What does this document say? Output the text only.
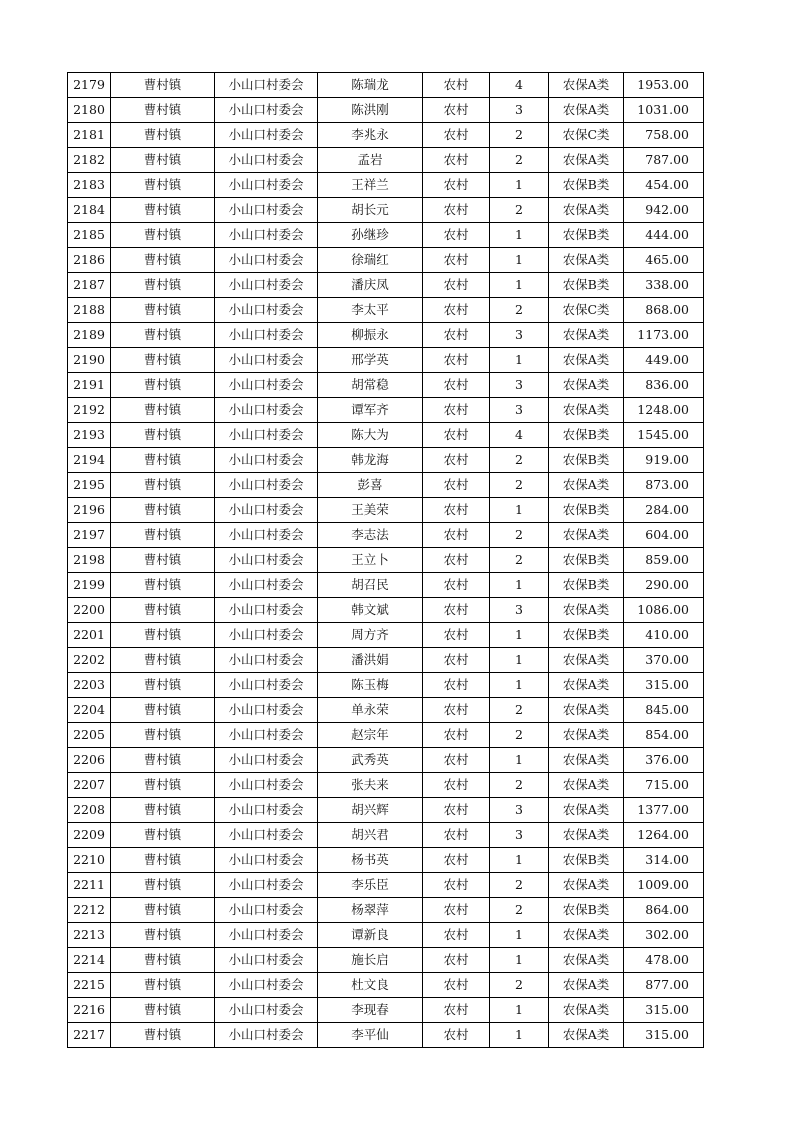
2179	曹村镇	小山口村委会	陈瑞龙	农村	4	农保A类	1953.00
2180	曹村镇	小山口村委会	陈洪刚	农村	3	农保A类	1031.00
2181	曹村镇	小山口村委会	李兆永	农村	2	农保C类	758.00
2182	曹村镇	小山口村委会	孟岩	农村	2	农保A类	787.00
2183	曹村镇	小山口村委会	王祥兰	农村	1	农保B类	454.00
2184	曹村镇	小山口村委会	胡长元	农村	2	农保A类	942.00
2185	曹村镇	小山口村委会	孙继珍	农村	1	农保B类	444.00
2186	曹村镇	小山口村委会	徐瑞红	农村	1	农保A类	465.00
2187	曹村镇	小山口村委会	潘庆凤	农村	1	农保B类	338.00
2188	曹村镇	小山口村委会	李太平	农村	2	农保C类	868.00
2189	曹村镇	小山口村委会	柳振永	农村	3	农保A类	1173.00
2190	曹村镇	小山口村委会	邢学英	农村	1	农保A类	449.00
2191	曹村镇	小山口村委会	胡常稳	农村	3	农保A类	836.00
2192	曹村镇	小山口村委会	谭军齐	农村	3	农保A类	1248.00
2193	曹村镇	小山口村委会	陈大为	农村	4	农保B类	1545.00
2194	曹村镇	小山口村委会	韩龙海	农村	2	农保B类	919.00
2195	曹村镇	小山口村委会	彭喜	农村	2	农保A类	873.00
2196	曹村镇	小山口村委会	王美荣	农村	1	农保B类	284.00
2197	曹村镇	小山口村委会	李志法	农村	2	农保A类	604.00
2198	曹村镇	小山口村委会	王立卜	农村	2	农保B类	859.00
2199	曹村镇	小山口村委会	胡召民	农村	1	农保B类	290.00
2200	曹村镇	小山口村委会	韩文斌	农村	3	农保A类	1086.00
2201	曹村镇	小山口村委会	周方齐	农村	1	农保B类	410.00
2202	曹村镇	小山口村委会	潘洪娟	农村	1	农保A类	370.00
2203	曹村镇	小山口村委会	陈玉梅	农村	1	农保A类	315.00
2204	曹村镇	小山口村委会	单永荣	农村	2	农保A类	845.00
2205	曹村镇	小山口村委会	赵宗年	农村	2	农保A类	854.00
2206	曹村镇	小山口村委会	武秀英	农村	1	农保A类	376.00
2207	曹村镇	小山口村委会	张夫来	农村	2	农保A类	715.00
2208	曹村镇	小山口村委会	胡兴辉	农村	3	农保A类	1377.00
2209	曹村镇	小山口村委会	胡兴君	农村	3	农保A类	1264.00
2210	曹村镇	小山口村委会	杨书英	农村	1	农保B类	314.00
2211	曹村镇	小山口村委会	李乐臣	农村	2	农保A类	1009.00
2212	曹村镇	小山口村委会	杨翠萍	农村	2	农保B类	864.00
2213	曹村镇	小山口村委会	谭新良	农村	1	农保A类	302.00
2214	曹村镇	小山口村委会	施长启	农村	1	农保A类	478.00
2215	曹村镇	小山口村委会	杜文良	农村	2	农保A类	877.00
2216	曹村镇	小山口村委会	李现春	农村	1	农保A类	315.00
2217	曹村镇	小山口村委会	李平仙	农村	1	农保A类	315.00
